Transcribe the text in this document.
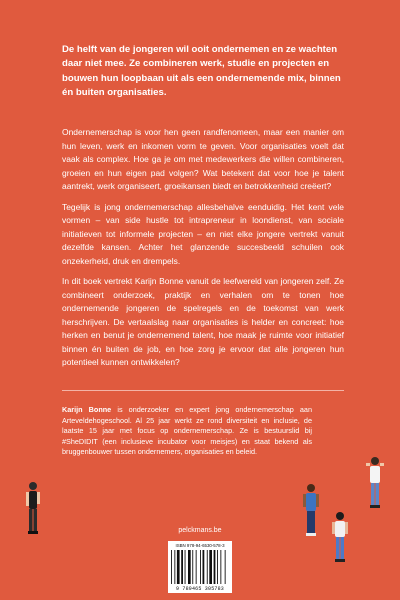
De helft van de jongeren wil ooit ondernemen en ze wachten daar niet mee. Ze combineren werk, studie en projecten en bouwen hun loopbaan uit als een ondernemende mix, binnen én buiten organisaties.

Ondernemerschap is voor hen geen randfenomeen, maar een manier om hun leven, werk en inkomen vorm te geven. Voor organisaties voelt dat vaak als complex. Hoe ga je om met medewerkers die willen combineren, groeien en hun eigen pad volgen? Wat betekent dat voor hoe je talent aantrekt, werk organiseert, groeikansen biedt en betrokkenheid creëert?

Tegelijk is jong ondernemerschap allesbehalve eenduidig. Het kent vele vormen – van side hustle tot intrapreneur in loondienst, van sociale initiatieven tot informele projecten – en niet elke jongere vertrekt vanuit dezelfde kansen. Achter het glanzende succesbeeld schuilen ook onzekerheid, druk en drempels.

In dit boek vertrekt Karijn Bonne vanuit de leefwereld van jongeren zelf. Ze combineert onderzoek, praktijk en verhalen om te tonen hoe ondernemende jongeren de spelregels en de toekomst van werk herschrijven. De vertaalslag naar organisaties is helder en concreet: hoe herken en benut je ondernemend talent, hoe maak je ruimte voor initiatief binnen én buiten de job, en hoe zorg je ervoor dat alle jongeren hun potentieel kunnen ontwikkelen?

Karijn Bonne is onderzoeker en expert jong ondernemerschap aan Arteveldehogeschool. Al 25 jaar werkt ze rond diversiteit en inclusie, de laatste 15 jaar met focus op ondernemerschap. Ze is bestuurslid bij #SheDIDIT (een inclusieve incubator voor meisjes) en staat bekend als bruggenbouwer tussen ondernemers, organisaties en beleid.
pelckmans.be
ISBN 978-94-6530-578-3
9 789465 305783
